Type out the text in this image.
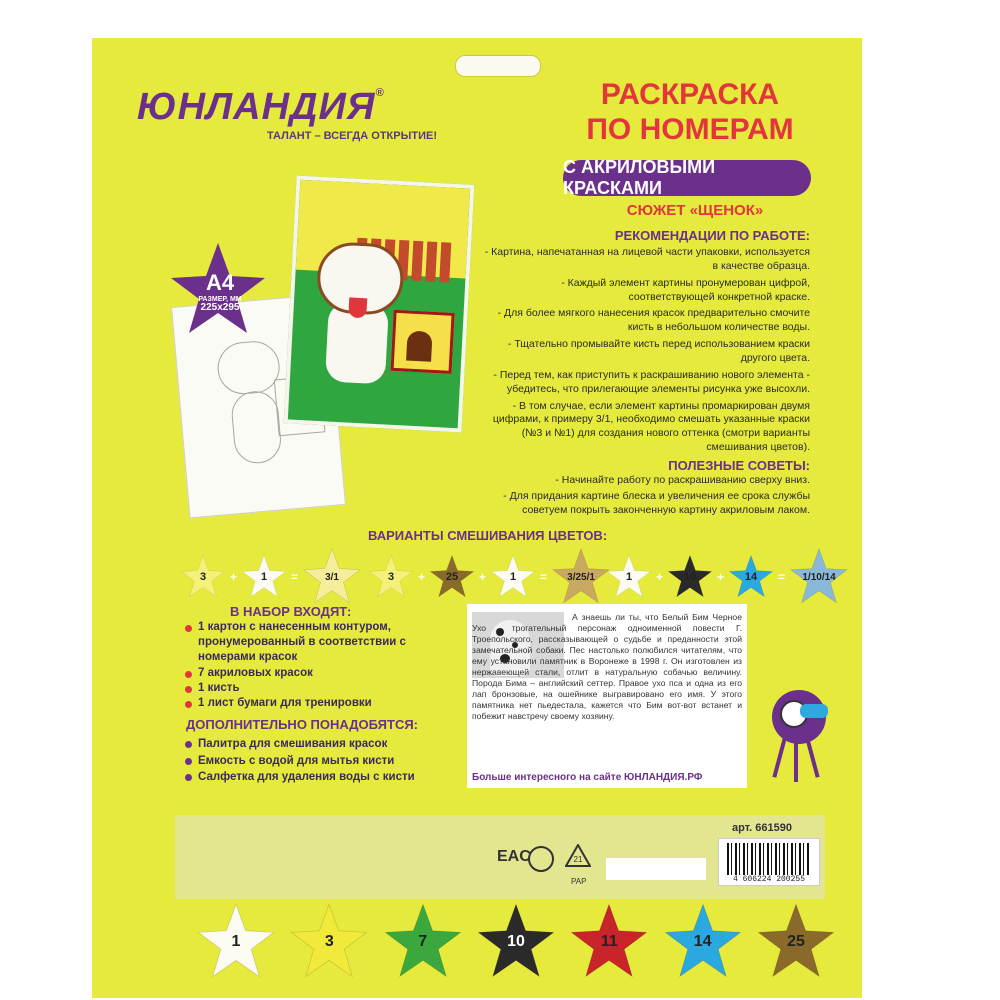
ЮНЛАНДИЯ®
ТАЛАНТ – ВСЕГДА ОТКРЫТИЕ!
РАСКРАСКА
ПО НОМЕРАМ
С АКРИЛОВЫМИ КРАСКАМИ
СЮЖЕТ «ЩЕНОК»
А4
РАЗМЕР, ММ
225х295
РЕКОМЕНДАЦИИ ПО РАБОТЕ:

- Картина, напечатанная на лицевой части упаковки, используется в качестве образца.

- Каждый элемент картины пронумерован цифрой, соответствующей конкретной краске.

- Для более мягкого нанесения красок предварительно смочите кисть в небольшом количестве воды.

- Тщательно промывайте кисть перед использованием краски другого цвета.

- Перед тем, как приступить к раскрашиванию нового элемента - убедитесь, что прилегающие элементы рисунка уже высохли.

- В том случае, если элемент картины промаркирован двумя цифрами, к примеру 3/1, необходимо смешать указанные краски (№3 и №1) для создания нового оттенка (смотри варианты смешивания цветов).

ПОЛЕЗНЫЕ СОВЕТЫ:

- Начинайте работу по раскрашиванию сверху вниз.

- Для придания картине блеска и увеличения ее срока службы советуем покрыть законченную картину акриловым лаком.

ВАРИАНТЫ СМЕШИВАНИЯ ЦВЕТОВ:
3 + 1 =	3/1	3 + 25 + 1 = 3/25/1	1 + 10 + 14 = 1/10/14
В НАБОР ВХОДЯТ:
1 картон с нанесенным контуром, пронумерованный в соответствии с номерами красок
7 акриловых красок
1 кисть
1 лист бумаги для тренировки
ДОПОЛНИТЕЛЬНО ПОНАДОБЯТСЯ:
Палитра для смешивания красок
Емкость с водой для мытья кисти
Салфетка для удаления воды с кисти
А знаешь ли ты, что Белый Бим Черное Ухо - трогательный персонаж одноименной повести Г. Троепольского, рассказывающей о судьбе и преданности этой замечательной собаки. Пес настолько полюбился читателям, что ему установили памятник в Воронеже в 1998 г. Он изготовлен из нержавеющей стали, отлит в натуральную собачью величину. Порода Бима – английский сеттер. Правое ухо пса и одна из его лап бронзовые, на ошейнике выгравировано его имя. У этого памятника нет пьедестала, кажется что Бим вот-вот встанет и побежит навстречу своему хозяину.
Больше интересного на сайте ЮНЛАНДИЯ.РФ
EAC	21
PAP
арт. 661590
4 606224 200255
1	3	7	10	11	14	25
